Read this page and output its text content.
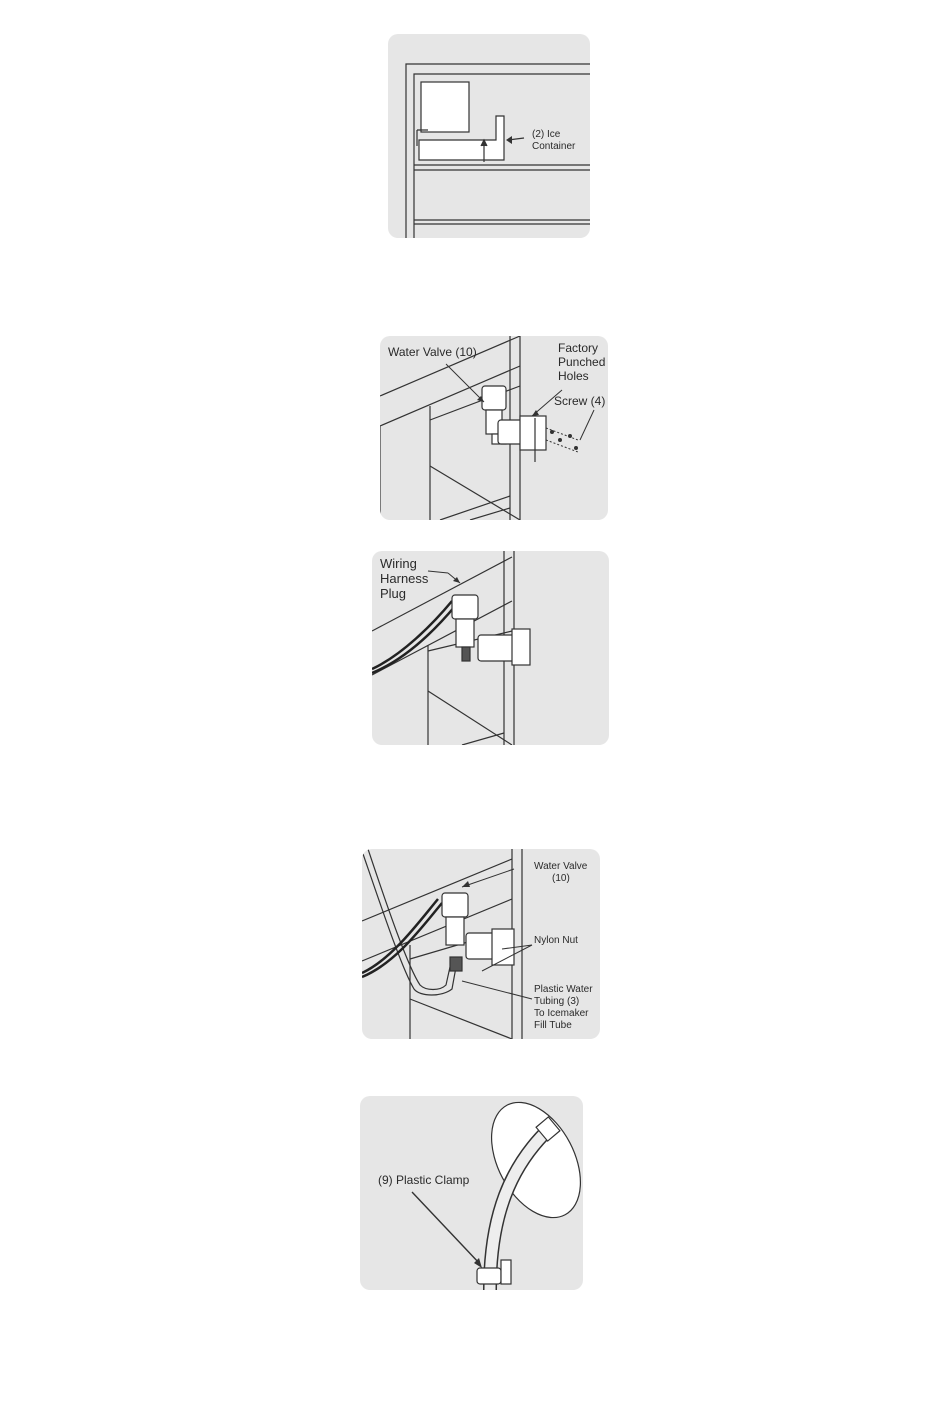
(2) Ice
Container
Water Valve (10)	Factory
Punched
Holes
Screw (4)
Wiring
Harness
Plug
Water Valve
(10)
Nylon Nut
Plastic Water
Tubing (3)
To Icemaker
Fill Tube
(9) Plastic Clamp
